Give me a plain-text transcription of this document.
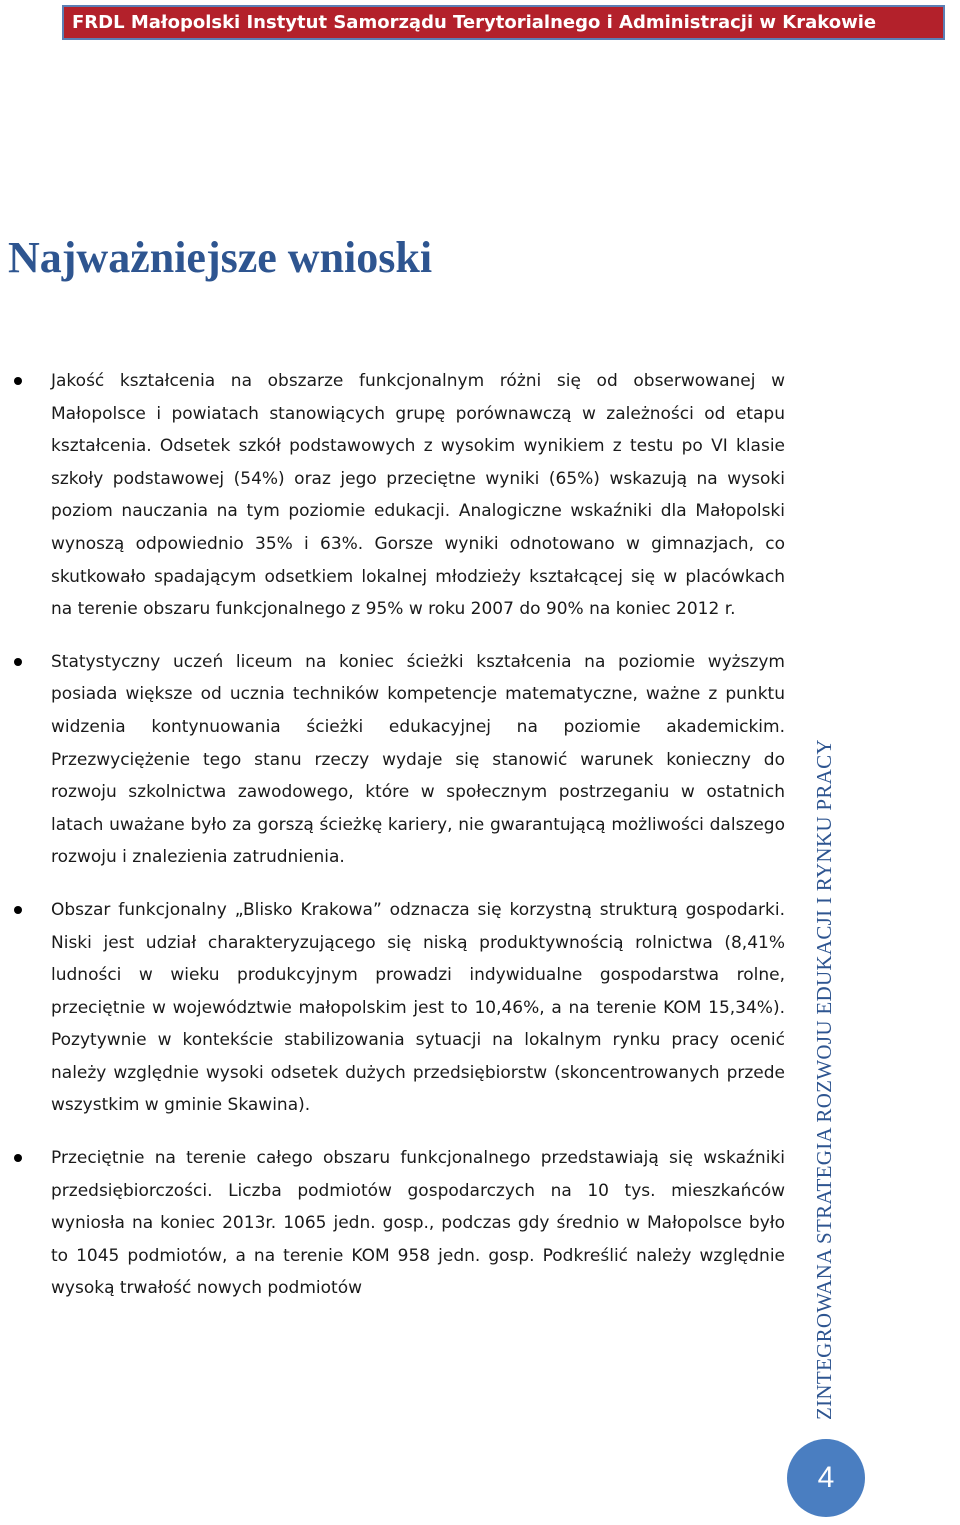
FRDL Małopolski Instytut Samorządu Terytorialnego i Administracji w Krakowie
Najważniejsze wnioski

Jakość kształcenia na obszarze funkcjonalnym różni się od obserwowanej w Małopolsce i powiatach stanowiących grupę porównawczą w zależności od etapu kształcenia. Odsetek szkół podstawowych z wysokim wynikiem z testu po VI klasie szkoły podstawowej (54%) oraz jego przeciętne wyniki (65%) wskazują na wysoki poziom nauczania na tym poziomie edukacji. Analogiczne wskaźniki dla Małopolski wynoszą odpowiednio 35% i 63%. Gorsze wyniki odnotowano w gimnazjach, co skutkowało spadającym odsetkiem lokalnej młodzieży kształcącej się w placówkach na terenie obszaru funkcjonalnego z 95% w roku 2007 do 90% na koniec 2012 r.

Statystyczny uczeń liceum na koniec ścieżki kształcenia na poziomie wyższym posiada większe od ucznia techników kompetencje matematyczne, ważne z punktu widzenia kontynuowania ścieżki edukacyjnej na poziomie akademickim. Przezwyciężenie tego stanu rzeczy wydaje się stanowić warunek konieczny do rozwoju szkolnictwa zawodowego, które w społecznym postrzeganiu w ostatnich latach uważane było za gorszą ścieżkę kariery, nie gwarantującą możliwości dalszego rozwoju i znalezienia zatrudnienia.

Obszar funkcjonalny „Blisko Krakowa” odznacza się korzystną strukturą gospodarki. Niski jest udział charakteryzującego się niską produktywnością rolnictwa (8,41% ludności w wieku produkcyjnym prowadzi indywidualne gospodarstwa rolne, przeciętnie w województwie małopolskim jest to 10,46%, a na terenie KOM 15,34%). Pozytywnie w kontekście stabilizowania sytuacji na lokalnym rynku pracy ocenić należy względnie wysoki odsetek dużych przedsiębiorstw (skoncentrowanych przede wszystkim w gminie Skawina).

Przeciętnie na terenie całego obszaru funkcjonalnego przedstawiają się wskaźniki przedsiębiorczości. Liczba podmiotów gospodarczych na 10 tys. mieszkańców wyniosła na koniec 2013r. 1065 jedn. gosp., podczas gdy średnio w Małopolsce było to 1045 podmiotów, a na terenie KOM 958 jedn. gosp. Podkreślić należy względnie wysoką trwałość nowych podmiotów	ZINTEGROWANA STRATEGIA ROZWOJU EDUKACJI I RYNKU PRACY
4
